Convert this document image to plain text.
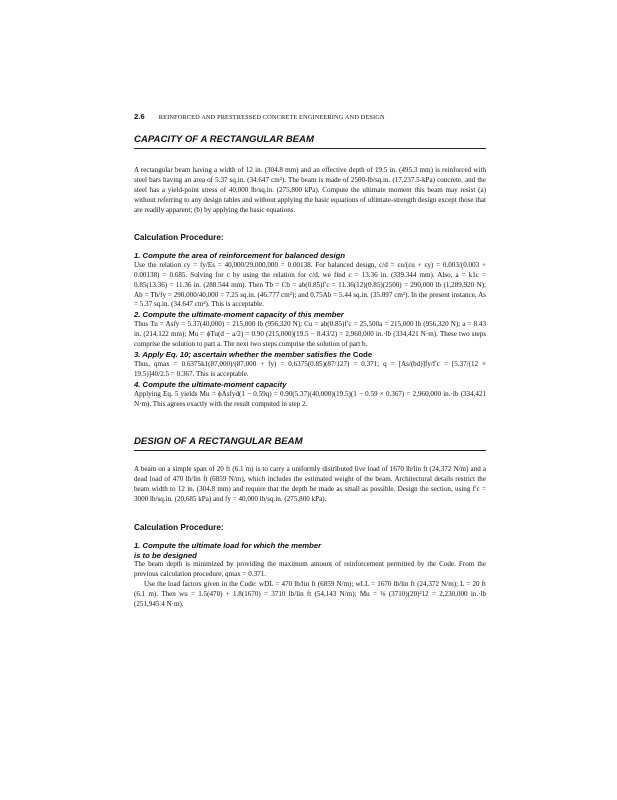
2.6 REINFORCED AND PRESTRESSED CONCRETE ENGINEERING AND DESIGN
CAPACITY OF A RECTANGULAR BEAM

A rectangular beam having a width of 12 in. (304.8 mm) and an effective depth of 19.5 in. (495.3 mm) is reinforced with steel bars having an area of 5.37 sq.in. (34.647 cm²). The beam is made of 2500-lb/sq.in. (17,237.5-kPa) concrete, and the steel has a yield-point stress of 40,000 lb/sq.in. (275,800 kPa). Compute the ultimate moment this beam may resist (a) without referring to any design tables and without applying the basic equations of ultimate-strength design except those that are readily apparent; (b) by applying the basic equations.

Calculation Procedure:

1. Compute the area of reinforcement for balanced design

Use the relation εy = fy/Es = 40,000/29,000,000 = 0.00138. For balanced design, c/d = εu/(εu + εy) = 0.003/(0.003 + 0.00138) = 0.685. Solving for c by using the relation for c/d, we find c = 13.36 in. (339.344 mm). Also, a = k1c = 0.85(13.36) = 11.36 in. (288.544 mm). Then Tb = Cb = ab(0.85)f′c = 11.36(12)(0.85)(2500) = 290,000 lb (1,289,920 N); Ab = Tb/fy = 290,000/40,000 = 7.25 sq.in. (46.777 cm²); and 0.75Ab = 5.44 sq.in. (35.097 cm²). In the present instance, As = 5.37 sq.in. (34.647 cm²). This is acceptable.

2. Compute the ultimate-moment capacity of this member

Thus Tu = Asfy = 5.37(40,000) = 215,000 lb (956,320 N); Cu = ab(0.85)f′c = 25,500a = 215,000 lb (956,320 N); a = 8.43 in. (214.122 mm); Mu = ϕTu(d − a/2) = 0.90 (215,000)(19.5 − 8.43/2) = 2,960,000 in.·lb (334,421 N·m). These two steps comprise the solution to part a. The next two steps comprise the solution of part b.

3. Apply Eq. 10; ascertain whether the member satisfies the Code

Thus, qmax = 0.6375k1(87,000)/(87,000 + fy) = 0.6375(0.85)(87/127) = 0.371; q = [As/(bd)]fy/f′c = [5.37/(12 × 19.5)]40/2.5 = 0.367. This is acceptable.

4. Compute the ultimate-moment capacity

Applying Eq. 5 yields Mu = ϕAsfyd(1 − 0.59q) = 0.90(5.37)(40,000)(19.5)(1 − 0.59 × 0.367) = 2,960,000 in.·lb (334,421 N·m). This agrees exactly with the result computed in step 2.

DESIGN OF A RECTANGULAR BEAM

A beam on a simple span of 20 ft (6.1 m) is to carry a uniformly distributed live load of 1670 lb/lin ft (24,372 N/m) and a dead load of 470 lb/lin ft (6859 N/m), which includes the estimated weight of the beam. Architectural details restrict the beam width to 12 in. (304.8 mm) and require that the depth be made as small as possible. Design the section, using f′c = 3000 lb/sq.in. (20,685 kPa) and fy = 40,000 lb/sq.in. (275,800 kPa).

Calculation Procedure:

1. Compute the ultimate load for which the member
is to be designed

The beam depth is minimized by providing the maximum amount of reinforcement permitted by the Code. From the previous calculation procedure, qmax = 0.371.

Use the load factors given in the Code: wDL = 470 lb/lin ft (6859 N/m); wLL = 1670 lb/lin ft (24,372 N/m); L = 20 ft (6.1 m). Then wu = 1.5(470) + 1.8(1670) = 3710 lb/lin ft (54,143 N/m); Mu = ⅛ (3710)(20)²12 = 2,230,000 in.·lb (251,945.4 N·m).
